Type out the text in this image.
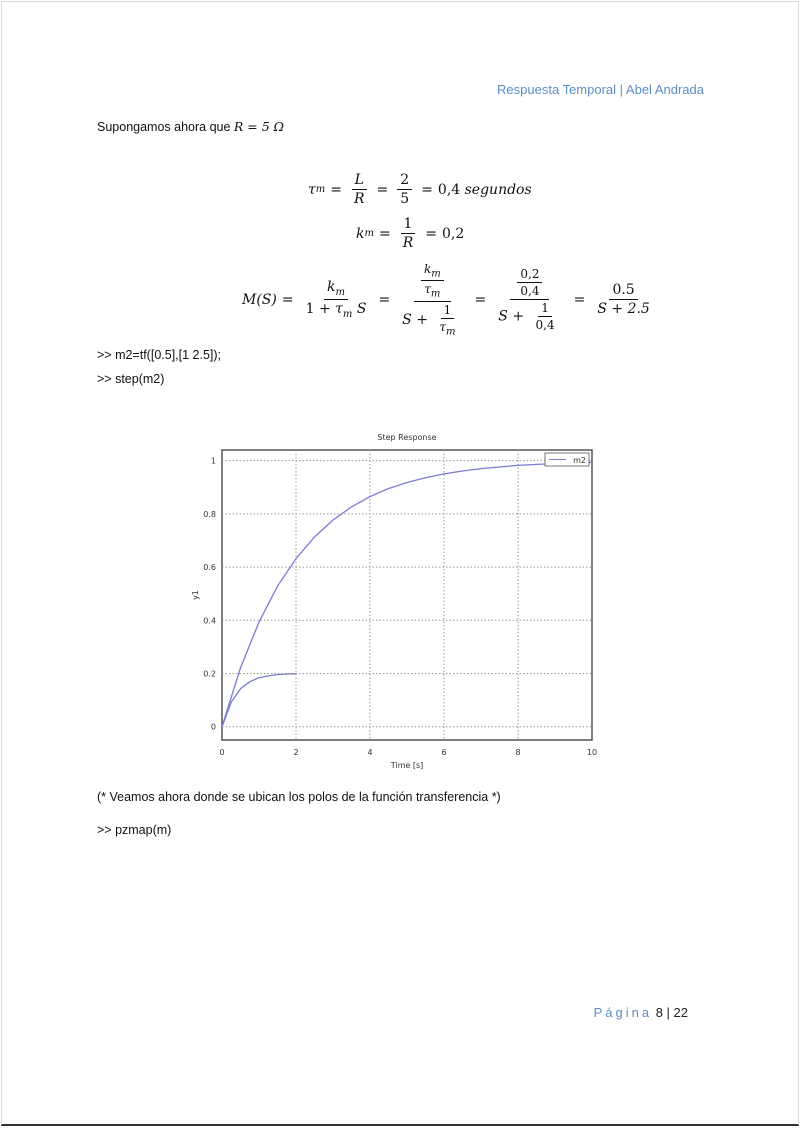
Respuesta Temporal | Abel Andrada
Supongamos ahora que R = 5 Ω
τ $m = \frac{L}{R} = \frac{2}{5} = 0,4$
segundos
k $m = \frac{1}{R} = 0,2$
$M(S) = \frac{k_m}{1 + \tau_m S} = \frac{\frac{k_m}{\tau_m}}{S + \frac{1}{\tau_m}} = \frac{\frac{0,2}{0,4}}{S + \frac{1}{0,4}} = \frac{0.5}{S + 2.5}$
>> m2=tf([0.5],[1 2.5]);
>> step(m2)
0	2	4	6	8	10
0
0.2
0.4
0.6
0.8
1
Step Response
Time [s]
y1
m2
(* Veamos ahora donde se ubican los polos de la función transferencia *)
>> pzmap(m)
Página 8 | 22
